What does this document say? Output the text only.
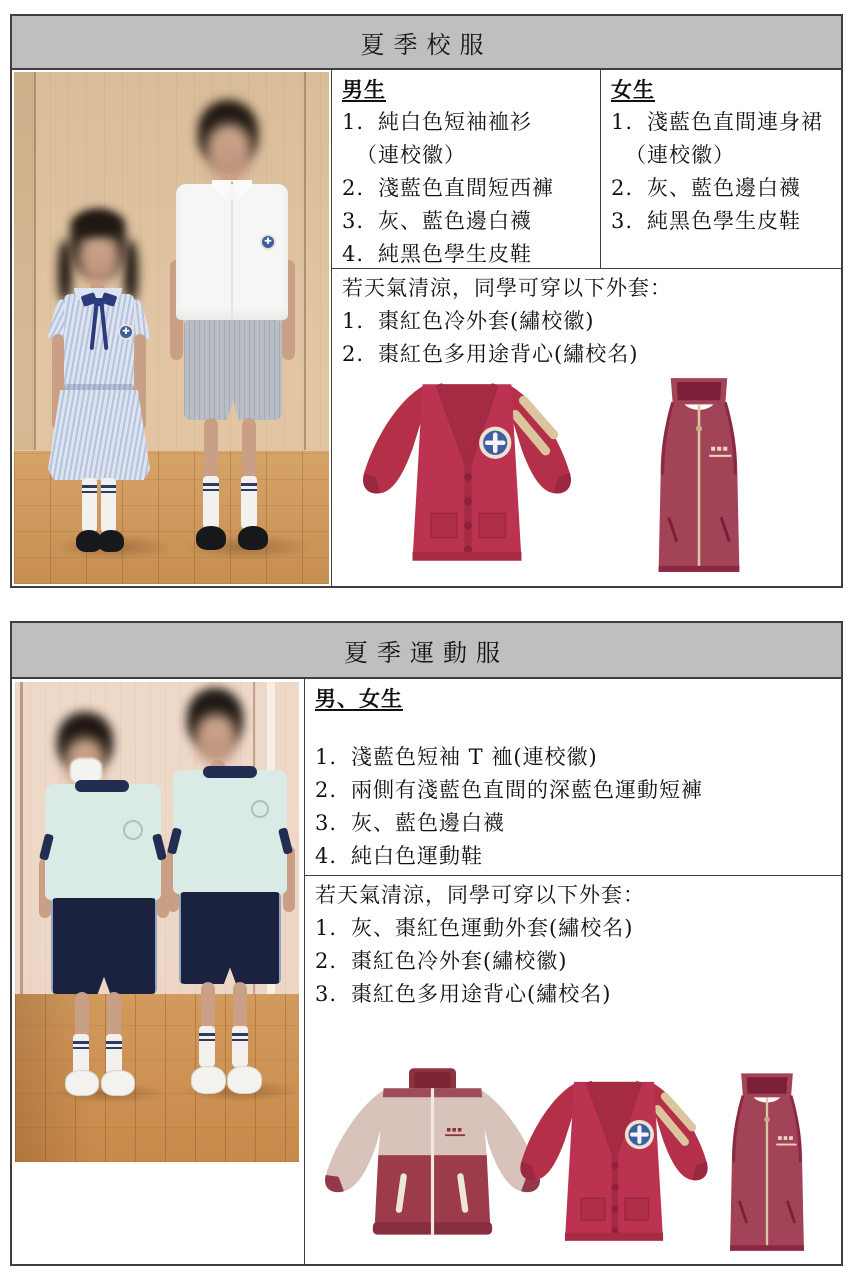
夏季校服
✚
✚
男生
1. 純白色短袖裇衫
（連校徽）
2. 淺藍色直間短西褲
3. 灰、藍色邊白襪
4. 純黑色學生皮鞋
女生
1. 淺藍色直間連身裙
（連校徽）
2. 灰、藍色邊白襪
3. 純黑色學生皮鞋
若天氣清涼，同學可穿以下外套：
1. 棗紅色冷外套(繡校徽)
2. 棗紅色多用途背心(繡校名)
夏季運動服
男、女生
1. 淺藍色短袖 T 裇(連校徽)
2. 兩側有淺藍色直間的深藍色運動短褲
3. 灰、藍色邊白襪
4. 純白色運動鞋
若天氣清涼，同學可穿以下外套：
1. 灰、棗紅色運動外套(繡校名)
2. 棗紅色冷外套(繡校徽)
3. 棗紅色多用途背心(繡校名)
